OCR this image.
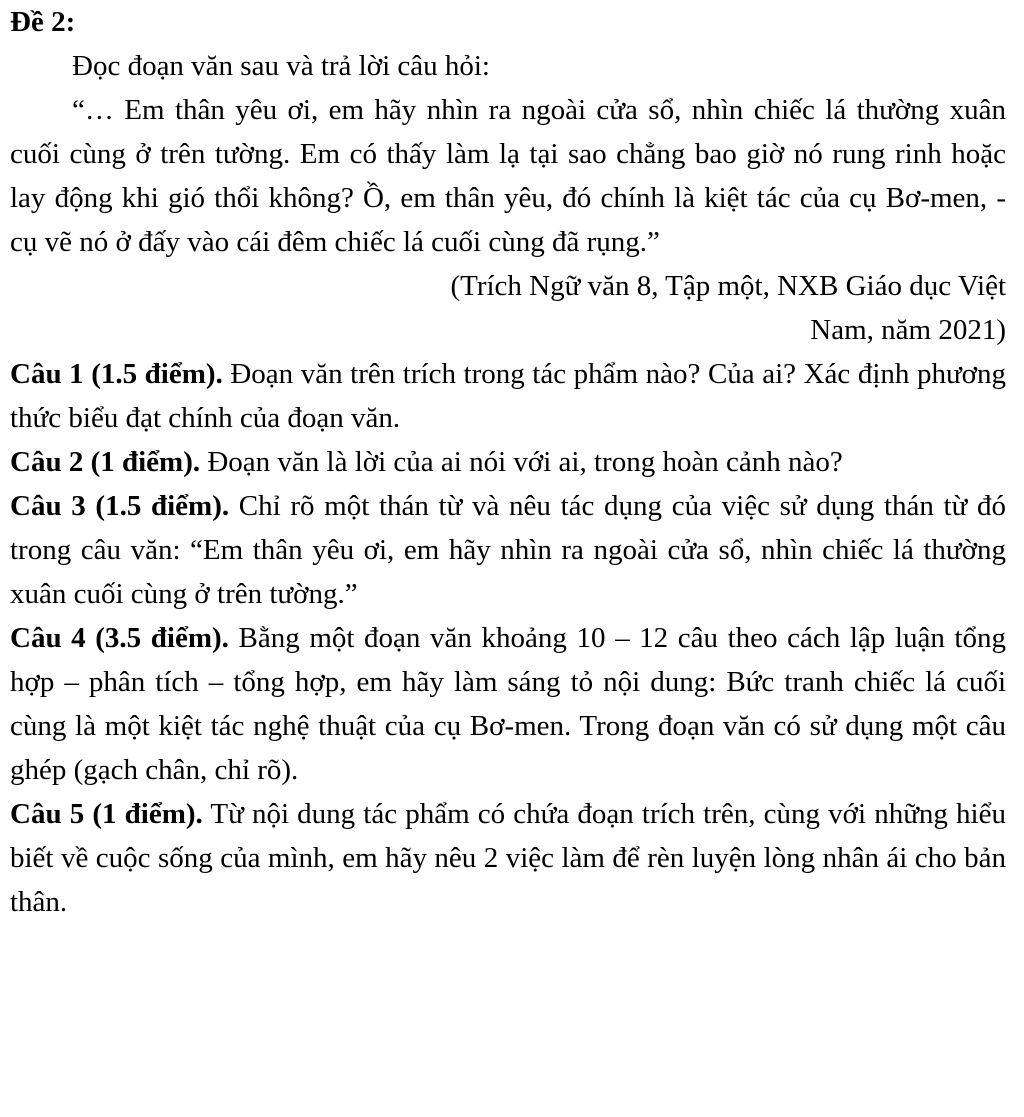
Đề 2:

Đọc đoạn văn sau và trả lời câu hỏi:

“… Em thân yêu ơi, em hãy nhìn ra ngoài cửa sổ, nhìn chiếc lá thường xuân cuối cùng ở trên tường. Em có thấy làm lạ tại sao chẳng bao giờ nó rung rinh hoặc lay động khi gió thổi không? Ồ, em thân yêu, đó chính là kiệt tác của cụ Bơ-men, - cụ vẽ nó ở đấy vào cái đêm chiếc lá cuối cùng đã rụng.”

(Trích Ngữ văn 8, Tập một, NXB Giáo dục Việt

Nam, năm 2021)

Câu 1 (1.5 điểm). Đoạn văn trên trích trong tác phẩm nào? Của ai? Xác định phương thức biểu đạt chính của đoạn văn.

Câu 2 (1 điểm). Đoạn văn là lời của ai nói với ai, trong hoàn cảnh nào?

Câu 3 (1.5 điểm). Chỉ rõ một thán từ và nêu tác dụng của việc sử dụng thán từ đó trong câu văn: “Em thân yêu ơi, em hãy nhìn ra ngoài cửa sổ, nhìn chiếc lá thường xuân cuối cùng ở trên tường.”

Câu 4 (3.5 điểm). Bằng một đoạn văn khoảng 10 – 12 câu theo cách lập luận tổng hợp – phân tích – tổng hợp, em hãy làm sáng tỏ nội dung: Bức tranh chiếc lá cuối cùng là một kiệt tác nghệ thuật của cụ Bơ-men. Trong đoạn văn có sử dụng một câu ghép (gạch chân, chỉ rõ).

Câu 5 (1 điểm). Từ nội dung tác phẩm có chứa đoạn trích trên, cùng với những hiểu biết về cuộc sống của mình, em hãy nêu 2 việc làm để rèn luyện lòng nhân ái cho bản thân.
